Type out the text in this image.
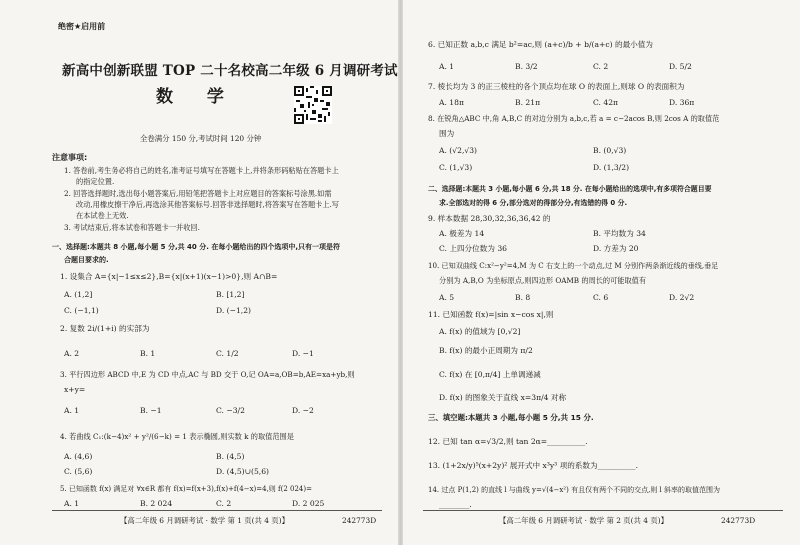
绝密★启用前
新高中创新联盟 TOP 二十名校高二年级 6 月调研考试
数 学
全卷满分 150 分,考试时间 120 分钟
注意事项:
1. 答卷前,考生务必将自己的姓名,准考证号填写在答题卡上,并将条形码粘贴在答题卡上
的指定位置.
2. 回答选择题时,选出每小题答案后,用铅笔把答题卡上对应题目的答案标号涂黑.如需
改动,用橡皮擦干净后,再选涂其他答案标号.回答非选择题时,将答案写在答题卡上.写
在本试卷上无效.
3. 考试结束后,将本试卷和答题卡一并收回.
一、选择题:本题共 8 小题,每小题 5 分,共 40 分. 在每小题给出的四个选项中,只有一项是符
合题目要求的.
1. 设集合 A={x|−1≤x≤2},B={x|(x+1)(x−1)>0},则 A∩B=
A. (1,2]	B. [1,2]
C. (−1,1)	D. (−1,2)
2. 复数 2i/(1+i) 的实部为
A. 2	B. 1	C. 1/2	D. −1
3. 平行四边形 ABCD 中,E 为 CD 中点,AC 与 BD 交于 O,记 OA=a,OB=b,AE=xa+yb,则
x+y=
A. 1	B. −1	C. −3/2	D. −2
4. 若曲线 C₁:(k−4)x² + y²/(6−k) = 1 表示椭圆,则实数 k 的取值范围是
A. (4,6)	B. (4,5)
C. (5,6)	D. (4,5)∪(5,6)
5. 已知函数 f(x) 满足对 ∀x∈R 都有 f(x)=f(x+3),f(x)+f(4−x)=4,则 f(2 024)=
A. 1	B. 2 024	C. 2	D. 2 025
【高二年级 6 月调研考试 · 数学 第 1 页(共 4 页)】	242773D
6. 已知正数 a,b,c 满足 b²=ac,则 (a+c)/b + b/(a+c) 的最小值为
A. 1	B. 3/2	C. 2	D. 5/2
7. 棱长均为 3 的正三棱柱的各个顶点均在球 O 的表面上,则球 O 的表面积为
A. 18π	B. 21π	C. 42π	D. 36π
8. 在锐角△ABC 中,角 A,B,C 的对边分别为 a,b,c,若 a = c−2acos B,则 2cos A 的取值范
围为
A. (√2,√3)	B. (0,√3)
C. (1,√3)	D. (1,3/2)
二、选择题:本题共 3 小题,每小题 6 分,共 18 分. 在每小题给出的选项中,有多项符合题目要
求.全部选对的得 6 分,部分选对的得部分分,有选错的得 0 分.
9. 样本数据 28,30,32,36,36,42 的
A. 极差为 14	B. 平均数为 34
C. 上四分位数为 36	D. 方差为 20
10. 已知双曲线 C:x²−y²=4,M 为 C 右支上的一个动点,过 M 分别作两条渐近线的垂线,垂足
分别为 A,B,O 为坐标原点,则四边形 OAMB 的周长的可能取值有
A. 5	B. 8	C. 6	D. 2√2
11. 已知函数 f(x)=|sin x−cos x|,则
A. f(x) 的值域为 [0,√2]
B. f(x) 的最小正周期为 π/2
C. f(x) 在 [0,π/4] 上单调递减
D. f(x) 的图象关于直线 x=3π/4 对称
三、填空题:本题共 3 小题,每小题 5 分,共 15 分.
12. 已知 tan α=√3/2,则 tan 2α=__________.
13. (1+2x/y)⁵(x+2y)² 展开式中 x³y³ 项的系数为__________.
14. 过点 P(1,2) 的直线 l 与曲线 y=√(4−x²) 有且仅有两个不同的交点,则 l 斜率的取值范围为
________.
【高二年级 6 月调研考试 · 数学 第 2 页(共 4 页)】	242773D
